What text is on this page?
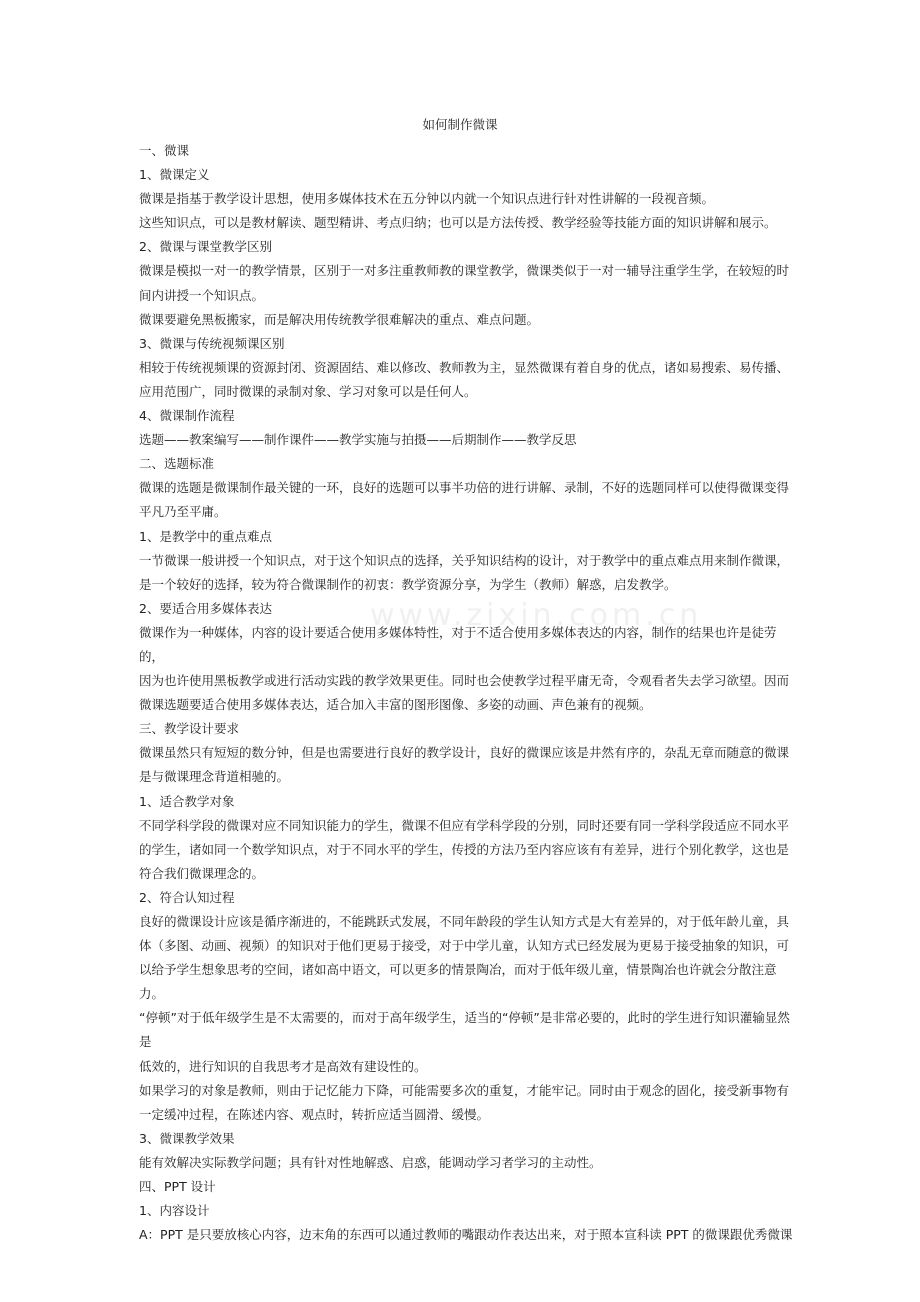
www.zixin.com.cn
如何制作微课

一、微课

1、微课定义

微课是指基于教学设计思想，使用多媒体技术在五分钟以内就一个知识点进行针对性讲解的一段视音频。

这些知识点，可以是教材解读、题型精讲、考点归纳；也可以是方法传授、教学经验等技能方面的知识讲解和展示。

2、微课与课堂教学区别

微课是模拟一对一的教学情景，区别于一对多注重教师教的课堂教学，微课类似于一对一辅导注重学生学，在较短的时

间内讲授一个知识点。

微课要避免黑板搬家，而是解决用传统教学很难解决的重点、难点问题。

3、微课与传统视频课区别

相较于传统视频课的资源封闭、资源固结、难以修改、教师教为主，显然微课有着自身的优点，诸如易搜索、易传播、

应用范围广，同时微课的录制对象、学习对象可以是任何人。

4、微课制作流程

选题——教案编写——制作课件——教学实施与拍摄——后期制作——教学反思

二、选题标准

微课的选题是微课制作最关键的一环，良好的选题可以事半功倍的进行讲解、录制，不好的选题同样可以使得微课变得

平凡乃至平庸。

1、是教学中的重点难点

一节微课一般讲授一个知识点，对于这个知识点的选择，关乎知识结构的设计，对于教学中的重点难点用来制作微课，

是一个较好的选择，较为符合微课制作的初衷：教学资源分享，为学生（教师）解惑，启发教学。

2、要适合用多媒体表达

微课作为一种媒体，内容的设计要适合使用多媒体特性，对于不适合使用多媒体表达的内容，制作的结果也许是徒劳的，

因为也许使用黑板教学或进行活动实践的教学效果更佳。同时也会使教学过程平庸无奇，令观看者失去学习欲望。因而

微课选题要适合使用多媒体表达，适合加入丰富的图形图像、多姿的动画、声色兼有的视频。

三、教学设计要求

微课虽然只有短短的数分钟，但是也需要进行良好的教学设计，良好的微课应该是井然有序的，杂乱无章而随意的微课

是与微课理念背道相驰的。

1、适合教学对象

不同学科学段的微课对应不同知识能力的学生，微课不但应有学科学段的分别，同时还要有同一学科学段适应不同水平

的学生，诸如同一个数学知识点，对于不同水平的学生，传授的方法乃至内容应该有有差异，进行个别化教学，这也是

符合我们微课理念的。

2、符合认知过程

良好的微课设计应该是循序渐进的，不能跳跃式发展，不同年龄段的学生认知方式是大有差异的，对于低年龄儿童，具

体（多图、动画、视频）的知识对于他们更易于接受，对于中学儿童，认知方式已经发展为更易于接受抽象的知识，可

以给予学生想象思考的空间，诸如高中语文，可以更多的情景陶冶，而对于低年级儿童，情景陶冶也许就会分散注意力。

“停顿”对于低年级学生是不太需要的，而对于高年级学生，适当的“停顿”是非常必要的，此时的学生进行知识灌输显然是

低效的，进行知识的自我思考才是高效有建设性的。

如果学习的对象是教师，则由于记忆能力下降，可能需要多次的重复，才能牢记。同时由于观念的固化，接受新事物有

一定缓冲过程，在陈述内容、观点时，转折应适当圆滑、缓慢。

3、微课教学效果

能有效解决实际教学问题；具有针对性地解惑、启惑，能调动学习者学习的主动性。

四、PPT 设计

1、内容设计

A：PPT 是只要放核心内容，边末角的东西可以通过教师的嘴跟动作表达出来，对于照本宣科读 PPT 的微课跟优秀微课
